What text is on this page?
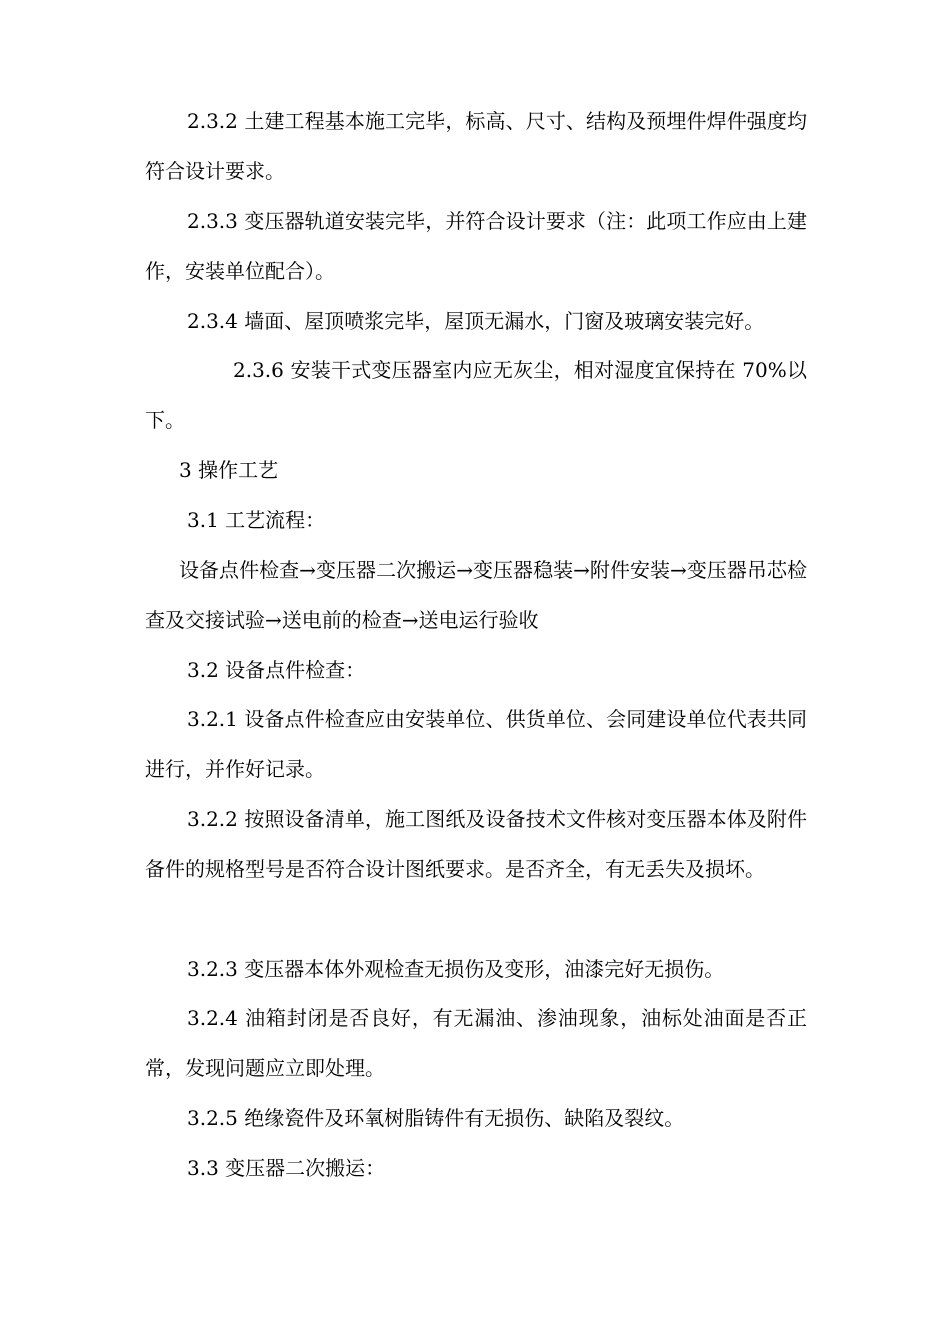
2.3.2 土建工程基本施工完毕，标高、尺寸、结构及预埋件焊件强度均符合设计要求。

2.3.3 变压器轨道安装完毕，并符合设计要求（注：此项工作应由上建作，安装单位配合）。

2.3.4 墙面、屋顶喷浆完毕，屋顶无漏水，门窗及玻璃安装完好。

2.3.6 安装干式变压器室内应无灰尘，相对湿度宜保持在 70%以下。

3 操作工艺

3.1 工艺流程：

设备点件检查→变压器二次搬运→变压器稳装→附件安装→变压器吊芯检查及交接试验→送电前的检查→送电运行验收

3.2 设备点件检查：

3.2.1 设备点件检查应由安装单位、供货单位、会同建设单位代表共同进行，并作好记录。

3.2.2 按照设备清单，施工图纸及设备技术文件核对变压器本体及附件备件的规格型号是否符合设计图纸要求。是否齐全，有无丢失及损坏。

3.2.3 变压器本体外观检查无损伤及变形，油漆完好无损伤。

3.2.4 油箱封闭是否良好，有无漏油、渗油现象，油标处油面是否正常，发现问题应立即处理。

3.2.5 绝缘瓷件及环氧树脂铸件有无损伤、缺陷及裂纹。

3.3 变压器二次搬运：
